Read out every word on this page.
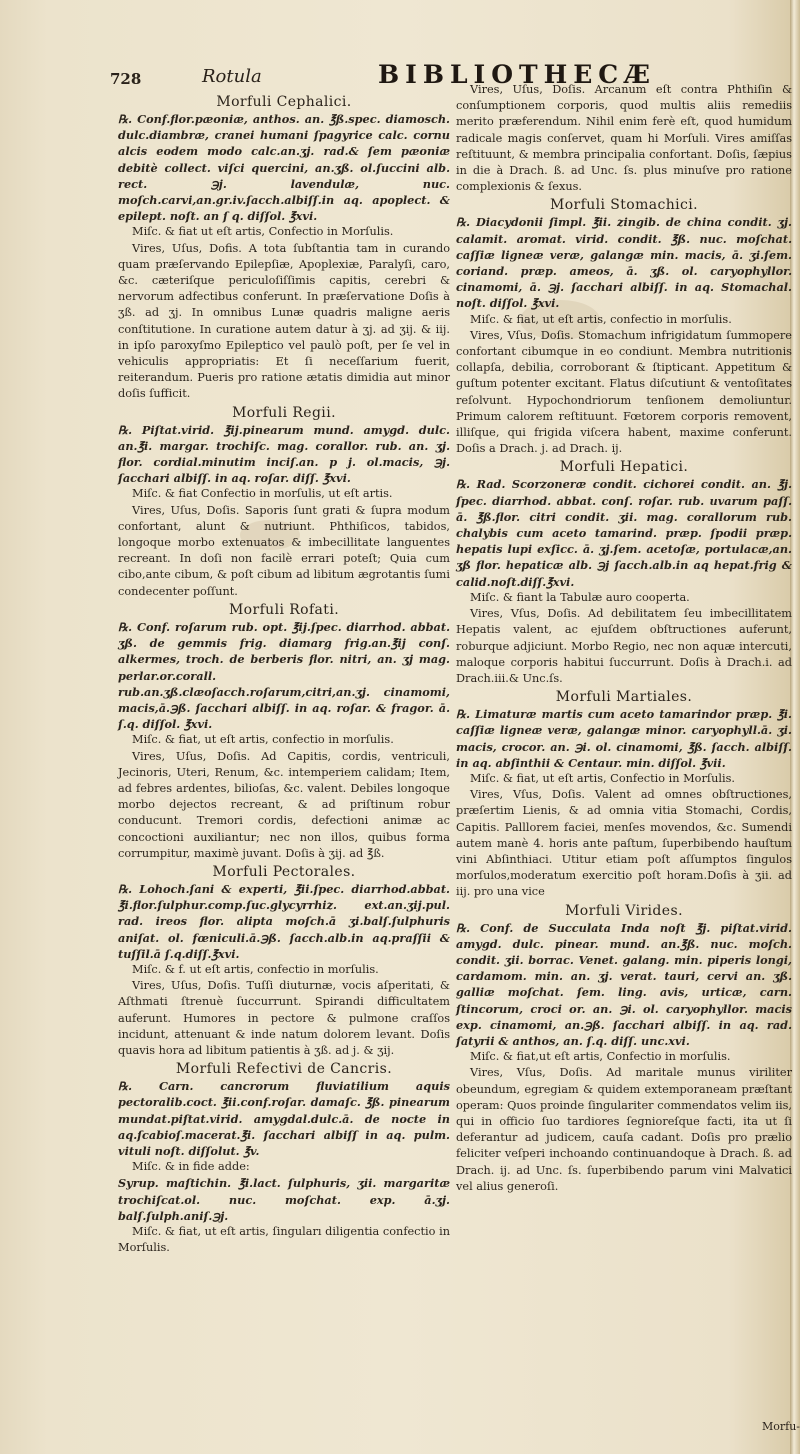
728	Rotula	BIBLIOTHECÆ
Morfuli Cephalici.

℞. Conf.flor.pæoniæ, anthos. an. ℥ß.spec. diamosch. dulc.diambræ, cranei humani ſpagyrice calc. cornu alcis eodem modo calc.an.ʒj. rad.& ſem pæoniæ debitè collect. viſci quercini, an.ʒß. ol.ſuccini alb. rect. ℈j. lavendulæ, nuc. moſch.carvi,an.gr.iv.ſacch.albiſſ.in aq. apoplect. & epilept. noſt. an ſ q. diſſol. ℥xvi.

Miſc. & fiat ut eſt artis, Confectio in Morſulis.

Vires, Uſus, Dofis. A tota ſubſtantia tam in curando quam præſervando Epilepſiæ, Apoplexiæ, Paralyſi, caro, &c. cæteriſque periculoſiſſimis capitis, cerebri & nervorum adfectibus conferunt. In præſervatione Doſis à ʒß. ad ʒj. In omnibus Lunæ quadris maligne aeris conſtitutione. In curatione autem datur à ʒj. ad ʒij. & iij. in ipſo paroxyſmo Epileptico vel paulò poſt, per ſe vel in vehiculis appropriatis: Et ſi neceſſarium fuerit, reiterandum. Pueris pro ratione ætatis dimidia aut minor doſis ſufficit.

Morfuli Regii.

℞. Piſtat.virid. ℥ij.pinearum mund. amygd. dulc. an.℥i. margar. trochiſc. mag. corallor. rub. an. ʒj. flor. cordial.minutim inciſ.an. p j. ol.macis, ℈j. ſacchari albiſſ. in aq. roſar. diſſ. ℥xvi.

Miſc. & fiat Confectio in morſulis, ut eſt artis.

Vires, Uſus, Doſis. Saporis ſunt grati & ſupra modum confortant, alunt & nutriunt. Phthiſicos, tabidos, longoque morbo extenuatos & imbecillitate languentes recreant. In doſi non facilè errari poteſt; Quia cum cibo,ante cibum, & poſt cibum ad libitum ægrotantis ſumi condecenter poſſunt.

Morfuli Rofati.

℞. Conf. roſarum rub. opt. ℥ij.ſpec. diarrhod. abbat. ʒß. de gemmis frig. diamarg frig.an.℥ij conſ. alkermes, troch. de berberis flor. nitri, an. ʒj mag. perlar.or.corall. rub.an.ʒß.clæoſacch.roſarum,citri,an.ʒj. cinamomi, macis,ā.℈ß. ſacchari albiſſ. in aq. roſar. & fragor. ā. ſ.q. diſſol. ℥xvi.

Miſc. & fiat, ut eſt artis, confectio in morſulis.

Vires, Uſus, Doſis. Ad Capitis, cordis, ventriculi, Jecinoris, Uteri, Renum, &c. intemperiem calidam; Item, ad febres ardentes, bilioſas, &c. valent. Debiles longoque morbo dejectos recreant, & ad priſtinum robur conducunt. Tremori cordis, defectioni animæ ac concoctioni auxiliantur; nec non illos, quibus forma corrumpitur, maximè juvant. Doſis à ʒij. ad ℥ß.

Morfuli Pectorales.

℞. Lohoch.ſani & experti, ℥ii.ſpec. diarrhod.abbat. ℥i.flor.ſulphur.comp.ſuc.glycyrrhiz. ext.an.ʒij.pul. rad. ireos flor. alipta moſch.ā ʒi.balſ.ſulphuris aniſat. ol. fœniculi.ā.℈ß. ſacch.alb.in aq.praſſii & tuſſil.ā ſ.q.diſſ.℥xvi.

Miſc. & f. ut eſt artis, confectio in morſulis.

Vires, Uſus, Doſis. Tuſſi diuturnæ, vocis aſperitati, & Aſthmati ſtrenuè ſuccurrunt. Spirandi difficultatem auferunt. Humores in pectore & pulmone craſſos incidunt, attenuant & inde natum dolorem levant. Doſis quavis hora ad libitum patientis à ʒß. ad j. & ʒij.

Morfuli Refectivi de Cancris.

℞. Carn. cancrorum fluviatilium aquis pectoralib.coct. ℥ii.conf.roſar. damaſc. ℥ß. pinearum mundat.piſtat.virid. amygdal.dulc.ā. de nocte in aq.ſcabioſ.macerat.℥i. ſacchari albiſſ in aq. pulm. vituli noſt. diſſolut. ℥v.

Miſc. & in fide adde:

Syrup. maſtichin. ℥i.lact. ſulphuris, ʒii. margaritæ trochiſcat.ol. nuc. moſchat. exp. ā.ʒj. balſ.ſulph.aniſ.℈j.

Miſc. & fiat, ut eſt artis, ſinguları diligentia confectio in Morſulis.

Vires, Uſus, Doſis. Arcanum eſt contra Phthiſin & conſumptionem corporis, quod multis aliis remediis merito præferendum. Nihil enim ferè eſt, quod humidum radicale magis conſervet, quam hi Morſuli. Vires amiſſas reſtituunt, & membra principalia confortant. Doſis, ſæpius in die à Drach. ß. ad Unc. ſs. plus minuſve pro ratione complexionis & ſexus.

Morfuli Stomachici.

℞. Diacydonii ſimpl. ℥ii. zingib. de china condit. ʒj. calamit. aromat. virid. condit. ℥ß. nuc. moſchat. caſſiæ ligneæ veræ, galangæ min. macis, ā. ʒi.ſem. coriand. præp. ameos, ā. ʒß. ol. caryophyllor. cinamomi, ā. ℈j. ſacchari albiſſ. in aq. Stomachal. noſt. diſſol. ℥xvi.

Miſc. & fiat, ut eſt artis, confectio in morſulis.

Vires, Vſus, Doſis. Stomachum infrigidatum ſummopere confortant cibumque in eo condiunt. Membra nutritionis collapſa, debilia, corroborant & ſtipticant. Appetitum & guſtum potenter excitant. Flatus diſcutiunt & ventoſitates reſolvunt. Hypochondriorum tenſionem demoliuntur. Primum calorem reſtituunt. Fœtorem corporis removent, illiſque, qui frigida viſcera habent, maxime conferunt. Doſis a Drach. j. ad Drach. ij.

Morfuli Hepatici.

℞. Rad. Scorzoneræ condit. cichorei condit. an. ℥j. ſpec. diarrhod. abbat. conſ. roſar. rub. uvarum paſſ. ā. ℥ß.flor. citri condit. ʒii. mag. corallorum rub. chalybis cum aceto tamarind. præp. ſpodii præp. hepatis lupi exſicc. ā. ʒj.ſem. acetoſæ, portulacæ,an. ʒß flor. hepaticæ alb. ℈j ſacch.alb.in aq hepat.frig & calid.noſt.diſſ.℥xvi.

Miſc. & fiant la Tabulæ auro cooperta.

Vires, Vſus, Doſis. Ad debilitatem ſeu imbecillitatem Hepatis valent, ac ejuſdem obſtructiones auferunt, roburque adjiciunt. Morbo Regio, nec non aquæ intercuti, maloque corporis habitui ſuccurrunt. Doſis à Drach.i. ad Drach.iii.& Unc.ſs.

Morfuli Martiales.

℞. Limaturæ martis cum aceto tamarindor præp. ℥i. caſſiæ ligneæ veræ, galangæ minor. caryophyll.ā. ʒi. macis, crocor. an. ℈i. ol. cinamomi, ℥ß. ſacch. albiſſ. in aq. abſinthii & Centaur. min. diſſol. ℥vii.

Miſc. & fiat, ut eſt artis, Confectio in Morſulis.

Vires, Vſus, Doſis. Valent ad omnes obſtructiones, præſertim Lienis, & ad omnia vitia Stomachi, Cordis, Capitis. Palllorem faciei, menſes movendos, &c. Sumendi autem manè 4. horis ante paſtum, ſuperbibendo hauſtum vini Abſinthiaci. Utitur etiam poſt aſſumptos ſingulos morſulos,moderatum exercitio poſt horam.Doſis à ʒii. ad iij. pro una vice

Morfuli Virides.

℞. Conf. de Succulata Inda noſt ℥j. piſtat.virid. amygd. dulc. pinear. mund. an.℥ß. nuc. moſch. condit. ʒii. borrac. Venet. galang. min. piperis longi, cardamom. min. an. ʒj. verat. tauri, cervi an. ʒß. galliæ moſchat. ſem. ling. avis, urticæ, carn. ſtincorum, croci or. an. ℈i. ol. caryophyllor. macis exp. cinamomi, an.℈ß. ſacchari albiſſ. in aq. rad. ſatyrii & anthos, an. ſ.q. diſſ. unc.xvi.

Miſc. & fiat,ut eſt artis, Confectio in morſulis.

Vires, Vſus, Doſis. Ad maritale munus viriliter obeundum, egregiam & quidem extemporaneam præſtant operam: Quos proinde ſingulariter commendatos velim iis, qui in officio ſuo tardiores ſegnioreſque facti, ita ut ſi deferantur ad judicem, cauſa cadant. Doſis pro prælio feliciter veſperi inchoando continuandoque à Drach. ß. ad Drach. ij. ad Unc. ſs. ſuperbibendo parum vini Malvatici vel alius generoſi.

Morfu-
